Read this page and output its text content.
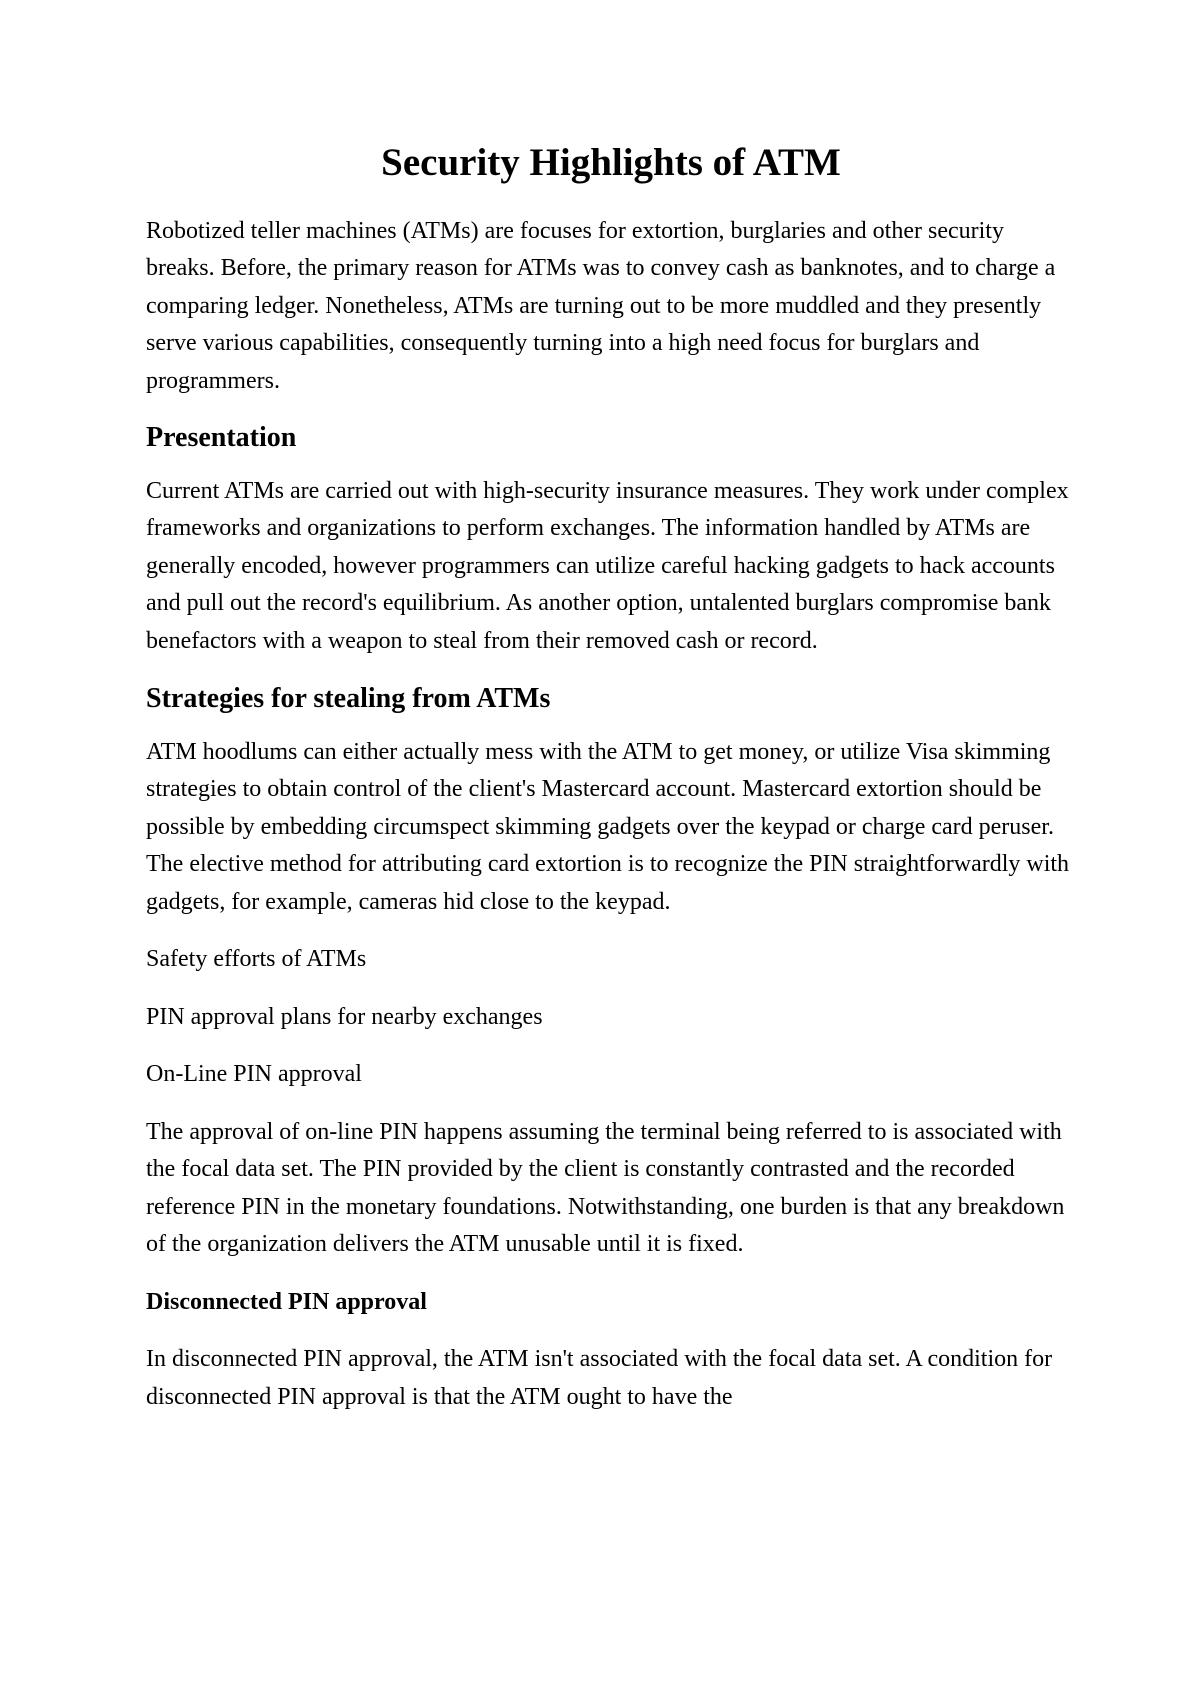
Security Highlights of ATM

Robotized teller machines (ATMs) are focuses for extortion, burglaries and other security breaks. Before, the primary reason for ATMs was to convey cash as banknotes, and to charge a comparing ledger. Nonetheless, ATMs are turning out to be more muddled and they presently serve various capabilities, consequently turning into a high need focus for burglars and programmers.

Presentation

Current ATMs are carried out with high-security insurance measures. They work under complex frameworks and organizations to perform exchanges. The information handled by ATMs are generally encoded, however programmers can utilize careful hacking gadgets to hack accounts and pull out the record's equilibrium. As another option, untalented burglars compromise bank benefactors with a weapon to steal from their removed cash or record.

Strategies for stealing from ATMs

ATM hoodlums can either actually mess with the ATM to get money, or utilize Visa skimming strategies to obtain control of the client's Mastercard account. Mastercard extortion should be possible by embedding circumspect skimming gadgets over the keypad or charge card peruser. The elective method for attributing card extortion is to recognize the PIN straightforwardly with gadgets, for example, cameras hid close to the keypad.

Safety efforts of ATMs

PIN approval plans for nearby exchanges

On-Line PIN approval

The approval of on-line PIN happens assuming the terminal being referred to is associated with the focal data set. The PIN provided by the client is constantly contrasted and the recorded reference PIN in the monetary foundations. Notwithstanding, one burden is that any breakdown of the organization delivers the ATM unusable until it is fixed.

Disconnected PIN approval

In disconnected PIN approval, the ATM isn't associated with the focal data set. A condition for disconnected PIN approval is that the ATM ought to have the
